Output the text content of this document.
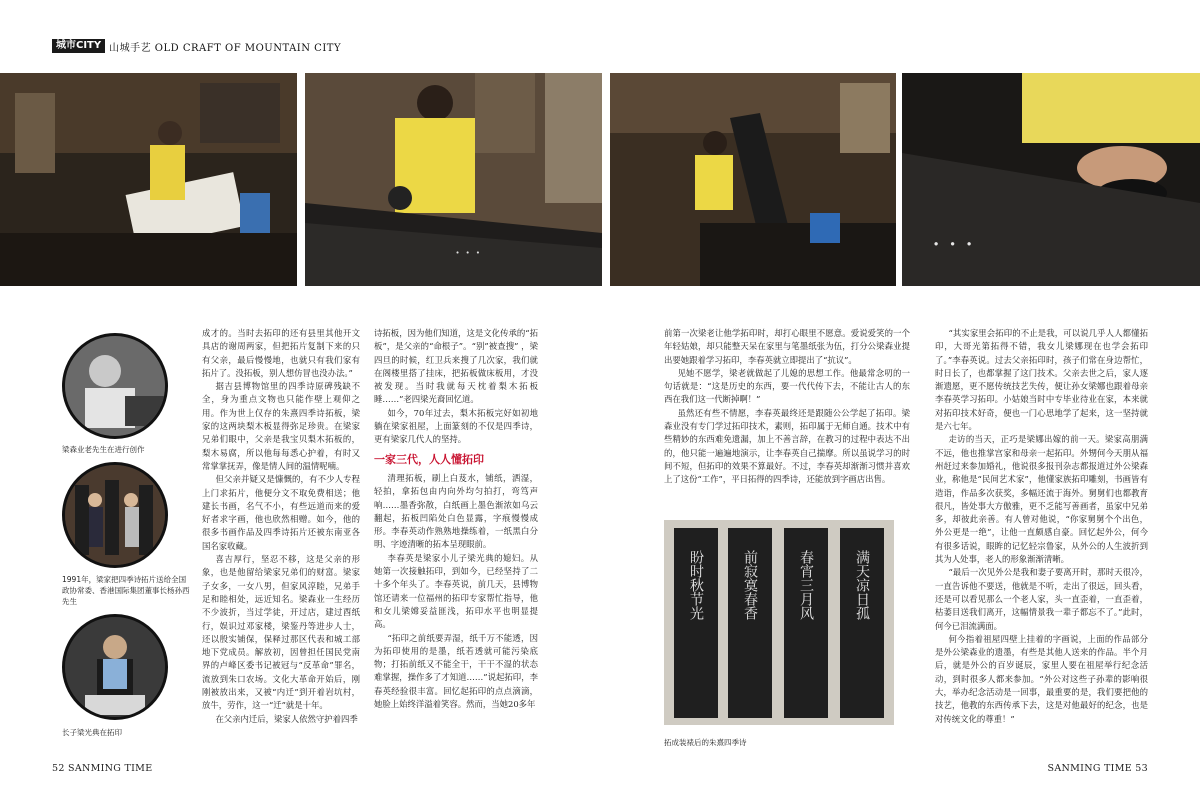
城市CITY 山城手艺 OLD CRAFT OF MOUNTAIN CITY
· · ·	· · ·
梁森业老先生在进行创作
1991年，梁家把四季诗拓片送给全国政协常委、香港国际集团董事长杨孙西先生
长子梁光典在拓印

成才的。当时去拓印的还有县里其他开文具店的谢周两家，但把拓片复制下来的只有父亲，最后慢慢地，也就只有我们家有拓片了。没拓板，别人想仿冒也没办法。”

据吉县博物馆里的四季诗原碑残缺不全，身为重点文物也只能作壁上观仰之用。作为世上仅存的朱熹四季诗拓板，梁家的这两块梨木板显得弥足珍贵。在梁家兄弟们眼中，父亲是我宝贝梨木拓板的，梨木易腐，所以他每每悉心护着，有时又常掌掌抚弄，像是情人间的温情呢喃。

但父亲并疑又是慷慨的，有不少人专程上门求拓片，他便分文不取免费相送；他建长书画，名气不小，有些远道而来的爱好者求字画，他也欣然相赠。如今，他的很多书画作品及四季诗拓片还被东南亚各国名家收藏。

喜吉厚行，坚忍不移，这是父亲的形象，也是他留给梁家兄弟们的财富。梁家子女多，一女八男，但家风淳睦，兄弟手足和睦相处，远近知名。梁森业一生经历不少波折，当过学徒，开过店，建过酉纸行，娱识过邓家楼，梁鉴丹等进步人士，还以殷实铺保，保释过那区代表和城工部地下党成员。解放初，因曾担任国民党南界的卢峰区委书记被冠与“反革命”罪名，流放到朱口农场。文化大革命开始后，刚刚被放出来，又被“内迁”到开着岩坑村，放牛，劳作，这一“迁”就是十年。

在父亲内迁后，梁家人依然守护着四季

诗拓板，因为他们知道，这是文化传承的“拓板”，是父亲的“命根子”。“别”被查搜” ，梁四旦的时候，红卫兵来搜了几次家，我们就在阁楼里搭了挂床，把拓板做床板用，才没被发现。当时我就每天枕着梨木拓板睡……”老四梁光裔回忆道。

如今，70年过去，梨木拓板完好如初地躺在梁家祖屋，上面篆刻的不仅是四季诗，更有梁家几代人的坚持。

一家三代，人人懂拓印

清理拓板，刷上白芨水，铺纸，洒湿，轻拍，拿拓包由内向外均匀拍打，弯笃声响……墨香弥散，白纸画上墨色渐浓如乌云翻起，拓板凹陷处白色显露，字痕慢慢成形。李春英动作熟熟地操练着，一纸黑白分明、字迹清晰的拓本呈现眼前。

李春英是梁家小儿子梁光典的媳妇。从她第一次接触拓印，到如今，已经坚持了二十多个年头了。李春英说，前几天，县博物馆还请来一位福州的拓印专家帮忙指导，他和女儿梁嫦妥益匪浅，拓印水平也明显提高。

“拓印之前纸要弄湿，纸千万不能透，因为拓印使用的是墨，纸若透就可能污染底物；打拓前纸又不能全干，干干不湿的状态难掌握，操作多了才知道……”说起拓印，李春英经验很丰富。回忆起拓印的点点滴滴，她脸上始终洋溢着笑容。然而，当她20多年

前第一次梁老让他学拓印时，却打心眼里不愿意。爱说爱笑的一个年轻姑娘，却只能整天呆在家里与笔墨纸张为伍，打分公梁森业提出要她跟着学习拓印，李春英就立即提出了“抗议”。

见她不愿学，梁老就做起了儿媳的思想工作。他最常念叨的一句话就是：“这是历史的东西，要一代代传下去，不能让古人的东西在我们这一代断掉啊！”

虽然还有些不情愿，李春英最终还是跟随公公学起了拓印。梁森业没有专门学过拓印技术，素则，拓印属于无师自通。技术中有些精妙的东西难免遗漏，加上不善言辞，在教习的过程中表达不出的，他只能一遍遍地演示，让李春英自己揣摩。所以虽说学习的时间不短，但拓印的效果不算最好。不过，李春英却渐渐习惯并喜欢上了这份“工作”，平日拓得的四季诗，还能放到字画店出售。

盼时秋节光	前寂寞春香	春宵三月风	满天凉日孤
拓成装裱后的朱熹四季诗

“其实家里会拓印的不止是我，可以说几乎人人都懂拓印，大哥光第拓得不错，我女儿梁娜现在也学会拓印了。”李春英说。过去父亲拓印时，孩子们常在身边帮忙，时日长了，也都掌握了这门技术。父亲去世之后，家人逐渐遗愿，更不愿传统技艺失传，便让孙女梁娜也跟着母亲李春英学习拓印。小姑娘当时中专毕业待业在家，本来就对拓印技术好奇，便也一门心思地学了起来，这一坚持就是六七年。

走访的当天，正巧是梁娜出嫁的前一天。梁家高朋满不远，他也推掌宫家和母亲一起拓印。外甥何今天朋从福州赶过来参加婚礼，他说很多报刊杂志都报道过外公梁森业，称他是“民间艺术家”，他懂家族拓印雕刻，书画皆有造诣，作品多次获奖，多幅还流于海外。舅舅们也都教育很凡，皆处事大方傲雅，更不乏能写善画者，虽家中兄弟多，却彼此亲善。有人曾对他说，“你家舅舅个个出色，外公更是一绝”，让他一直颇感自豪。回忆起外公，何今有很多话说，眼眸的记忆轻宗鲁家，从外公的人生波折到其为人处事，老人的形象渐渐清晰。

“最后一次见外公是我和妻子要离开时，那时天很冷，一直告诉他不要送，他就是不听，走出了很远，回头看，还是可以看见那么一个老人家，头一直歪着，一直歪着，枯萎目送我们离开，这幅情景我一辈子都忘不了。”此时，何今已泪流满面。

何今指着祖屋四壁上挂着的字画说，上面的作品部分是外公梁森业的遗墨，有些是其他人送来的作品。半个月后，就是外公的百岁诞辰，家里人要在祖屋举行纪念活动，到时很多人都来参加。“外公对这些子孙辈的影响很大，举办纪念活动是一回事，最重要的是，我们要把他的技艺，他教的东西传承下去，这是对他最好的纪念，也是对传统文化的尊重！”

52 SANMING TIME	SANMING TIME 53
